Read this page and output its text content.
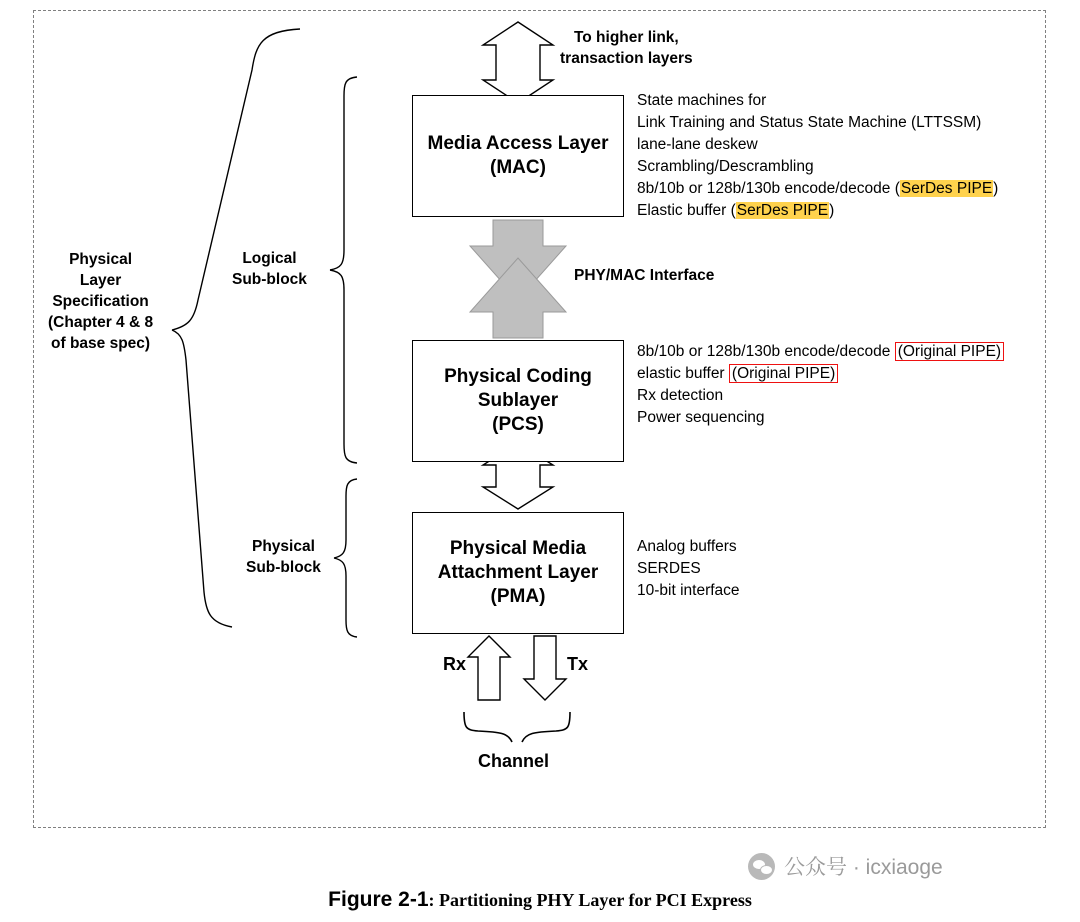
To higher link,
transaction layers
PHY/MAC Interface
Logical
Sub-block
Physical
Sub-block
Physical
Layer
Specification
(Chapter 4 & 8
of base spec)
Rx	Tx
Channel
Media Access Layer
(MAC)
Physical Coding
Sublayer
(PCS)
Physical Media
Attachment Layer
(PMA)
State machines for
Link Training and Status State Machine (LTTSSM)
lane-lane deskew
Scrambling/Descrambling
8b/10b or 128b/130b encode/decode (SerDes PIPE)
Elastic buffer (SerDes PIPE)
8b/10b or 128b/130b encode/decode (Original PIPE)
elastic buffer (Original PIPE)
Rx detection
Power sequencing
Analog buffers
SERDES
10-bit interface
Figure 2-1: Partitioning PHY Layer for PCI Express
公众号 · icxiaoge
